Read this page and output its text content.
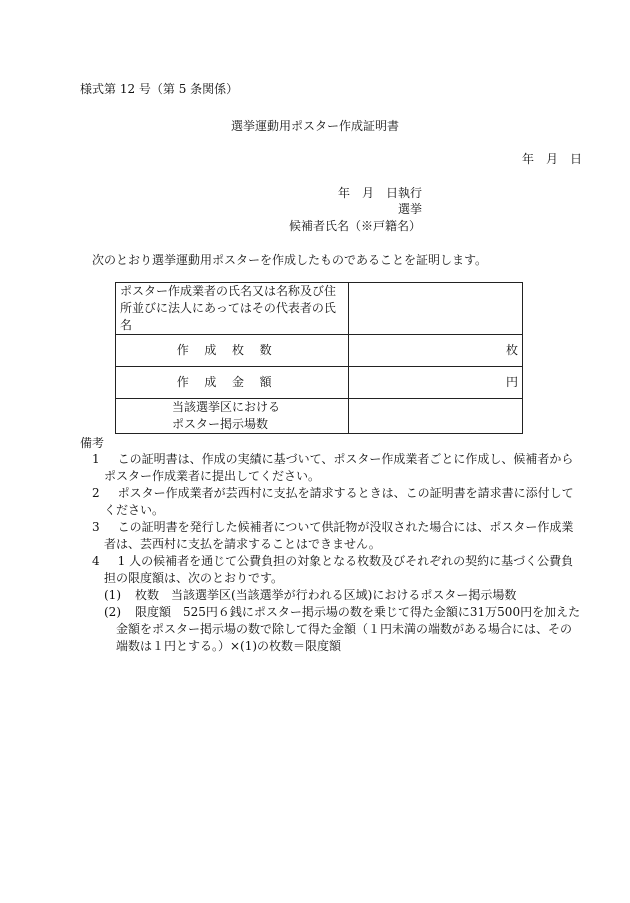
様式第 12 号（第 5 条関係）
選挙運動用ポスター作成証明書
年　月　日
年　月　日執行
選挙
候補者氏名（※戸籍名）
次のとおり選挙運動用ポスターを作成したものであることを証明します。
ポスター作成業者の氏名又は名称及び住
所並びに法人にあってはその代表者の氏
名	

作成枚数	枚
作成金額	円

当該選挙区における
ポスター掲示場数	

備考
1 この証明書は、作成の実績に基づいて、ポスター作成業者ごとに作成し、候補者から
ポスター作成業者に提出してください。
2 ポスター作成業者が芸西村に支払を請求するときは、この証明書を請求書に添付して
ください。
3 この証明書を発行した候補者について供託物が没収された場合には、ポスター作成業
者は、芸西村に支払を請求することはできません。
4 1 人の候補者を通じて公費負担の対象となる枚数及びそれぞれの契約に基づく公費負
担の限度額は、次のとおりです。
(1) 枚数　当該選挙区(当該選挙が行われる区域)におけるポスター掲示場数
(2) 限度額　525円６銭にポスター掲示場の数を乗じて得た金額に31万500円を加えた
金額をポスター掲示場の数で除して得た金額（１円未満の端数がある場合には、その
端数は１円とする。）×(1)の枚数＝限度額
